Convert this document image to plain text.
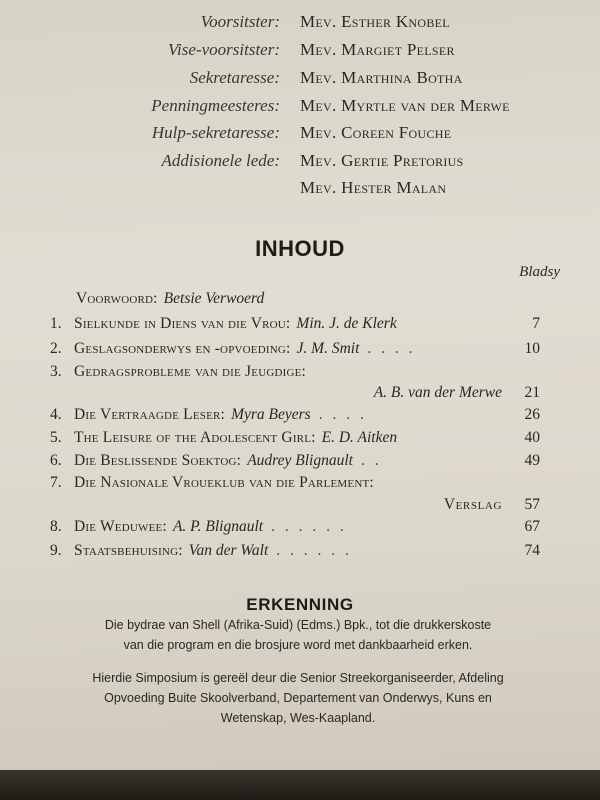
Voorsitster: Mev. Esther Knobel
Vise-voorsitster: Mev. Margiet Pelser
Sekretaresse: Mev. Marthina Botha
Penningmeesteres: Mev. Myrtle van der Merwe
Hulp-sekretaresse: Mev. Coreen Fouche
Addisionele lede: Mev. Gertie Pretorius
Mev. Hester Malan
INHOUD
Bladsy
Voorwoord: Betsie Verwoerd
1. Sielkunde in Diens van die Vrou: Min. J. de Klerk	7
2. Geslagsonderwys en -opvoeding: J. M. Smit . . . .	10
3. Gedragsprobleme van die Jeugdige:
A. B. van der Merwe	21
4. Die Vertraagde Leser: Myra Beyers . . . .	26
5. The Leisure of the Adolescent Girl: E. D. Aitken	40
6. Die Beslissende Soektog: Audrey Blignault . .	49
7. Die Nasionale Vroueklub van die Parlement:
Verslag	57
8. Die Weduwee: A. P. Blignault . . . . . .	67
9. Staatsbehuising: Van der Walt . . . . . .	74
ERKENNING
Die bydrae van Shell (Afrika-Suid) (Edms.) Bpk., tot die drukkerskoste
van die program en die brosjure word met dankbaarheid erken.
Hierdie Simposium is gereël deur die Senior Streekorganiseerder, Afdeling
Opvoeding Buite Skoolverband, Departement van Onderwys, Kuns en
Wetenskap, Wes-Kaapland.
